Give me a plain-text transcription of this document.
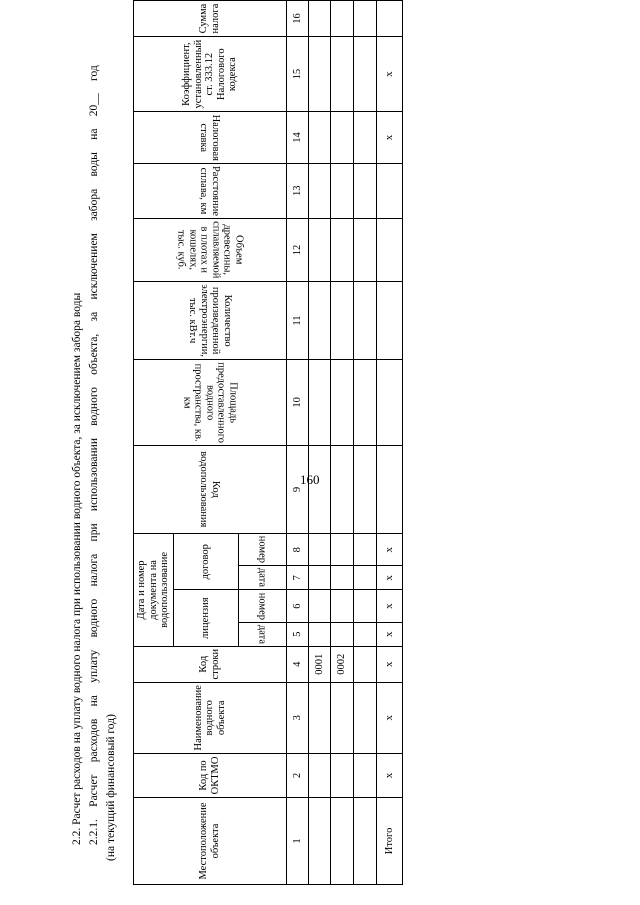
160
2.2. Расчет расходов на уплату водного налога при использовании водного объекта, за исключением забора воды 2.2.1.
Расчет
расходов
на
уплату
водного
налога
при
использовании
водного
объекта,
за
исключением
забора
воды
на
20__
год
(на текущий финансовый год)	Местоположение объекта	Код по ОКТМО	Наименование водного объекта	Код строки	Дата и номер документа на водопользование				Код водопользования	Площадь предоставленного водного пространства, кв. км	Количество произведенной электроэнергии, тыс. кВт.ч	Объем древесины, сплавляемой в плотах и кошелях, тыс. куб.	Расстояние сплава, км	Налоговая ставка	Коэффициент, установленный ст. 333.12 Налогового кодекса	Сумма налога
				лицензия		договор									
				дата	номер	дата	номер								
1	2	3	4	5	6	7	8	9	10	11	12	13	14	15	16
			0001												
			0002												

Итого	x	x	x	x	x	x	x						x	x	
